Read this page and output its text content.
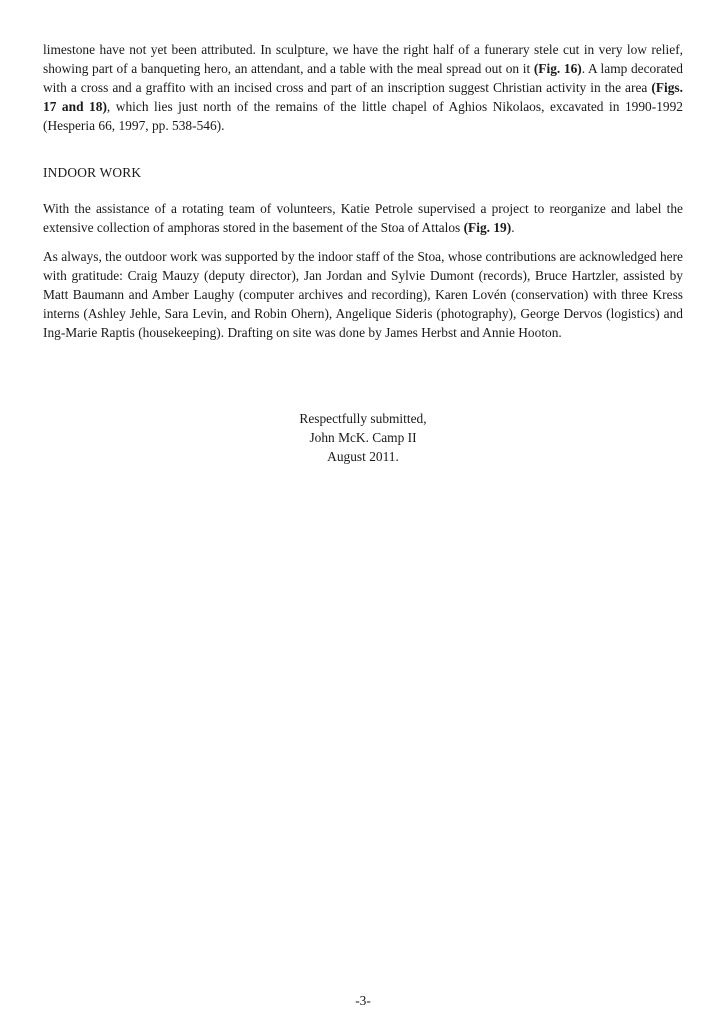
limestone have not yet been attributed. In sculpture, we have the right half of a funerary stele cut in very low relief, showing part of a banqueting hero, an attendant, and a table with the meal spread out on it (Fig. 16). A lamp decorated with a cross and a graffito with an incised cross and part of an inscription suggest Christian activity in the area (Figs. 17 and 18), which lies just north of the remains of the little chapel of Aghios Nikolaos, excavated in 1990-1992 (Hesperia 66, 1997, pp. 538-546).

INDOOR WORK

With the assistance of a rotating team of volunteers, Katie Petrole supervised a project to reorganize and label the extensive collection of amphoras stored in the basement of the Stoa of Attalos (Fig. 19).

As always, the outdoor work was supported by the indoor staff of the Stoa, whose contributions are acknowledged here with gratitude: Craig Mauzy (deputy director), Jan Jordan and Sylvie Dumont (records), Bruce Hartzler, assisted by Matt Baumann and Amber Laughy (computer archives and recording), Karen Lovén (conservation) with three Kress interns (Ashley Jehle, Sara Levin, and Robin Ohern), Angelique Sideris (photography), George Dervos (logistics) and Ing-Marie Raptis (housekeeping). Drafting on site was done by James Herbst and Annie Hooton.

Respectfully submitted,
John McK. Camp II
August 2011.
-3-
